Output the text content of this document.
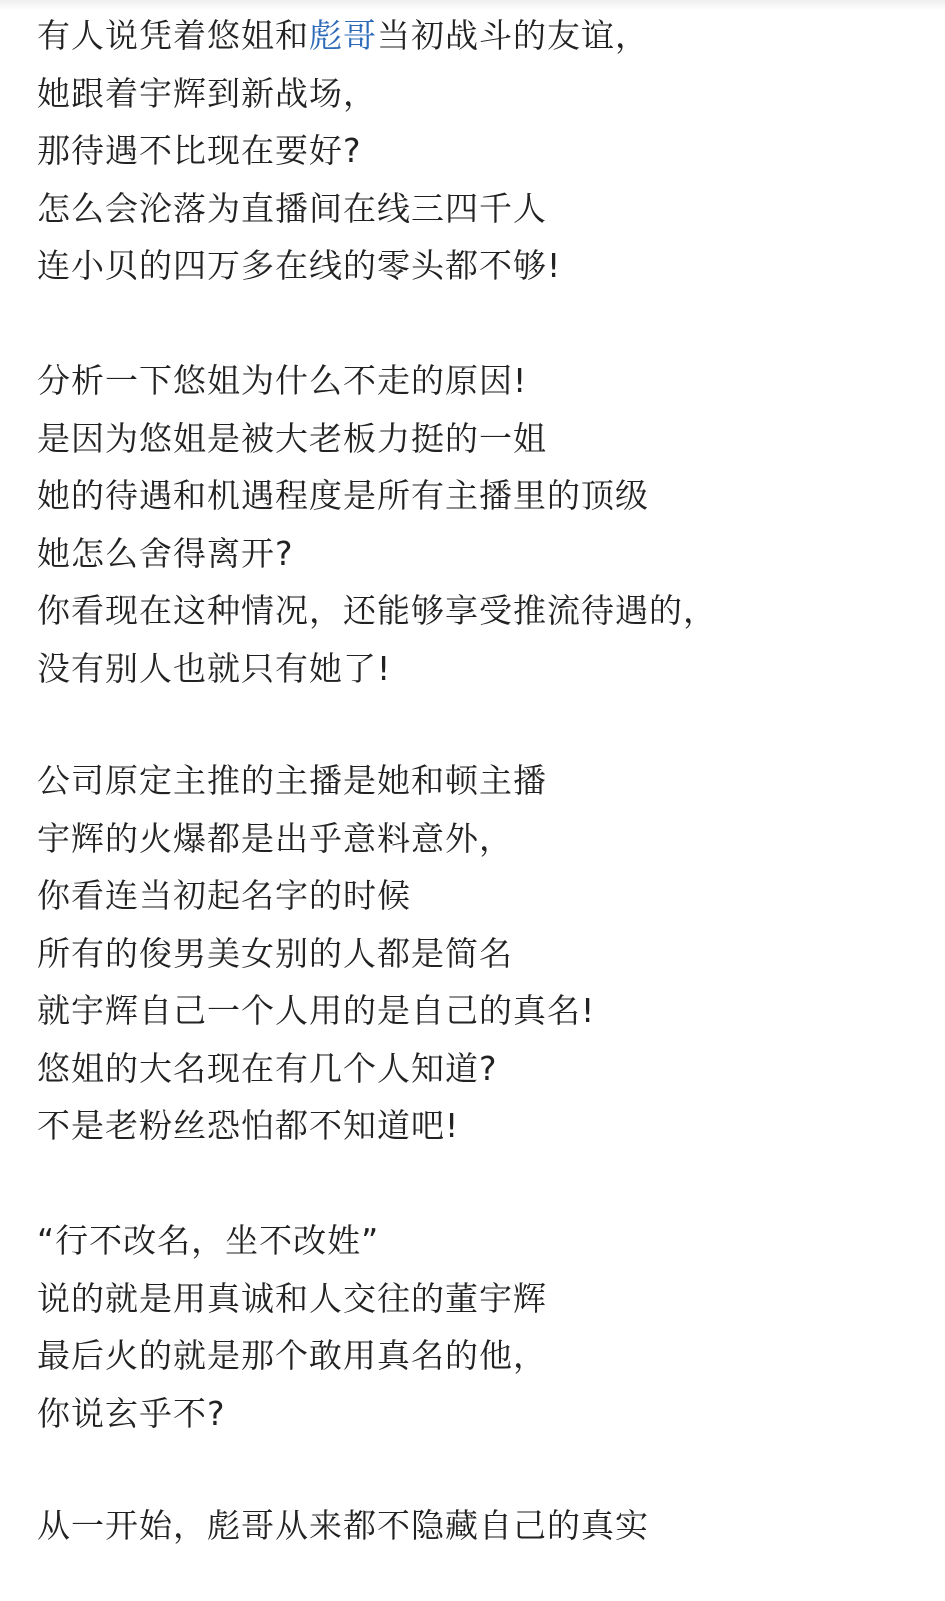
有人说凭着悠姐和彪哥当初战斗的友谊，
她跟着宇辉到新战场，
那待遇不比现在要好?
怎么会沦落为直播间在线三四千人
连小贝的四万多在线的零头都不够!
分析一下悠姐为什么不走的原因!
是因为悠姐是被大老板力挺的一姐
她的待遇和机遇程度是所有主播里的顶级
她怎么舍得离开?
你看现在这种情况，还能够享受推流待遇的，
没有别人也就只有她了!
公司原定主推的主播是她和顿主播
宇辉的火爆都是出乎意料意外，
你看连当初起名字的时候
所有的俊男美女别的人都是简名
就宇辉自己一个人用的是自己的真名!
悠姐的大名现在有几个人知道?
不是老粉丝恐怕都不知道吧!
“行不改名，坐不改姓”
说的就是用真诚和人交往的董宇辉
最后火的就是那个敢用真名的他，
你说玄乎不?
从一开始，彪哥从来都不隐藏自己的真实
